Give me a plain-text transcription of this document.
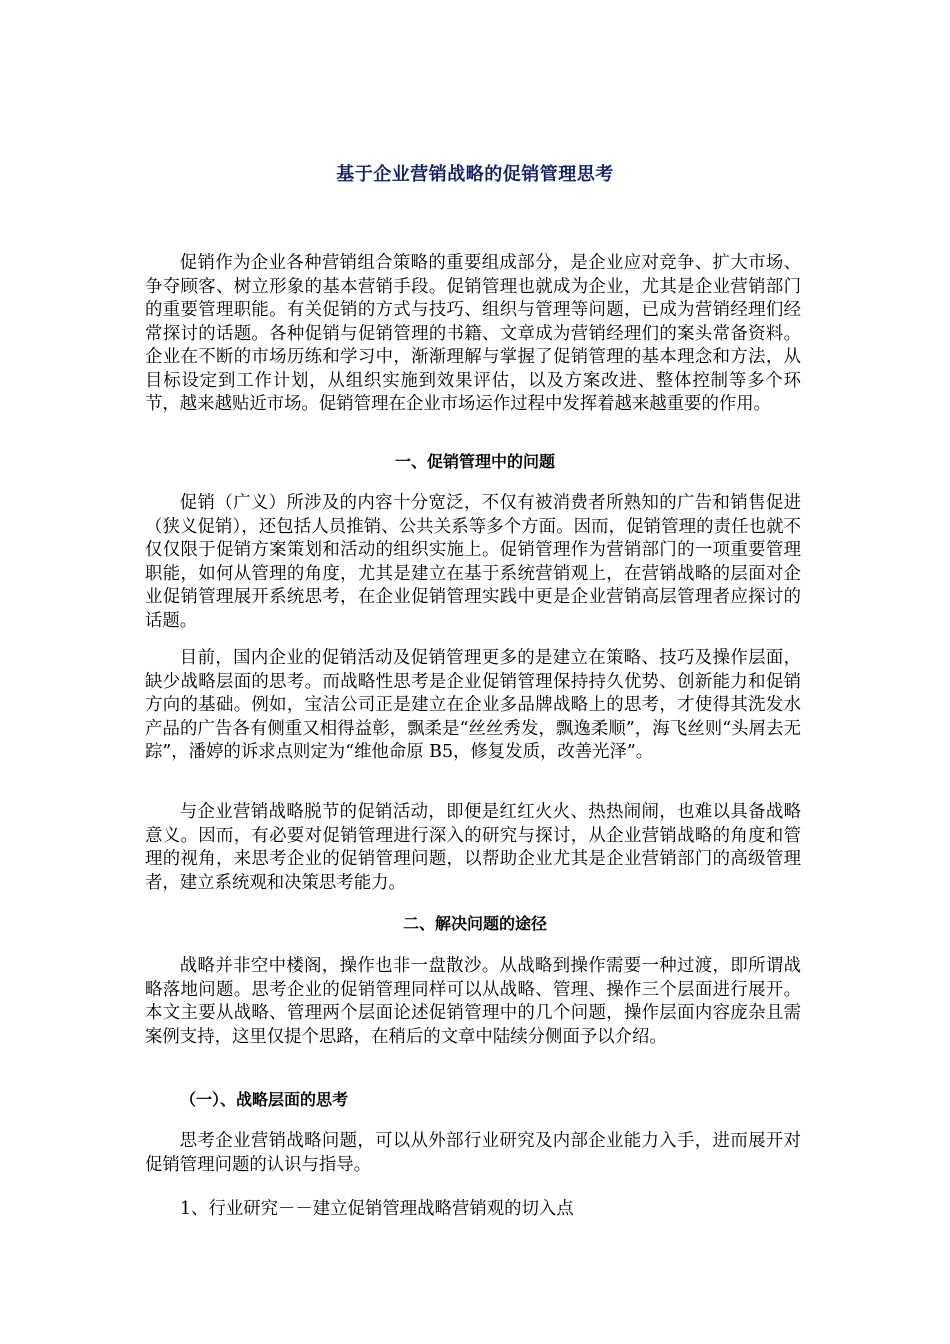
基于企业营销战略的促销管理思考

促销作为企业各种营销组合策略的重要组成部分，是企业应对竞争、扩大市场、争夺顾客、树立形象的基本营销手段。促销管理也就成为企业，尤其是企业营销部门的重要管理职能。有关促销的方式与技巧、组织与管理等问题，已成为营销经理们经常探讨的话题。各种促销与促销管理的书籍、文章成为营销经理们的案头常备资料。企业在不断的市场历练和学习中，渐渐理解与掌握了促销管理的基本理念和方法，从目标设定到工作计划，从组织实施到效果评估，以及方案改进、整体控制等多个环节，越来越贴近市场。促销管理在企业市场运作过程中发挥着越来越重要的作用。

一、促销管理中的问题

促销（广义）所涉及的内容十分宽泛，不仅有被消费者所熟知的广告和销售促进（狭义促销），还包括人员推销、公共关系等多个方面。因而，促销管理的责任也就不仅仅限于促销方案策划和活动的组织实施上。促销管理作为营销部门的一项重要管理职能，如何从管理的角度，尤其是建立在基于系统营销观上，在营销战略的层面对企业促销管理展开系统思考，在企业促销管理实践中更是企业营销高层管理者应探讨的话题。

目前，国内企业的促销活动及促销管理更多的是建立在策略、技巧及操作层面，缺少战略层面的思考。而战略性思考是企业促销管理保持持久优势、创新能力和促销方向的基础。例如，宝洁公司正是建立在企业多品牌战略上的思考，才使得其洗发水产品的广告各有侧重又相得益彰，飘柔是“丝丝秀发，飘逸柔顺”，海飞丝则“头屑去无踪”，潘婷的诉求点则定为“维他命原 B5，修复发质，改善光泽”。

与企业营销战略脱节的促销活动，即便是红红火火、热热闹闹，也难以具备战略意义。因而，有必要对促销管理进行深入的研究与探讨，从企业营销战略的角度和管理的视角，来思考企业的促销管理问题，以帮助企业尤其是企业营销部门的高级管理者，建立系统观和决策思考能力。

二、解决问题的途径

战略并非空中楼阁，操作也非一盘散沙。从战略到操作需要一种过渡，即所谓战略落地问题。思考企业的促销管理同样可以从战略、管理、操作三个层面进行展开。本文主要从战略、管理两个层面论述促销管理中的几个问题，操作层面内容庞杂且需案例支持，这里仅提个思路，在稍后的文章中陆续分侧面予以介绍。

（一）、战略层面的思考

思考企业营销战略问题，可以从外部行业研究及内部企业能力入手，进而展开对促销管理问题的认识与指导。

1、行业研究－－建立促销管理战略营销观的切入点
